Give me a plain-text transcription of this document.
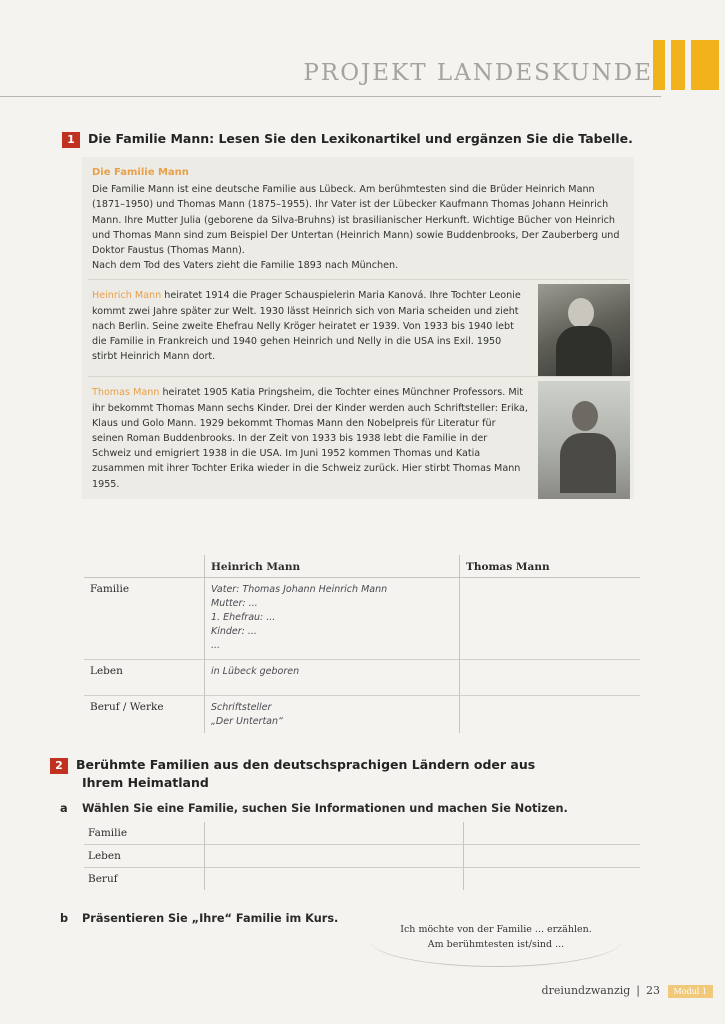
PROJEKT LANDESKUNDE
1 Die Familie Mann: Lesen Sie den Lexikonartikel und ergänzen Sie die Tabelle.
Die Familie Mann
Die Familie Mann ist eine deutsche Familie aus Lübeck. Am berühmtesten sind die Brüder Heinrich Mann (1871–1950) und Thomas Mann (1875–1955). Ihr Vater ist der Lübecker Kaufmann Thomas Johann Heinrich Mann. Ihre Mutter Julia (geborene da Silva-Bruhns) ist brasilianischer Herkunft. Wichtige Bücher von Heinrich und Thomas Mann sind zum Beispiel Der Untertan (Heinrich Mann) sowie Buddenbrooks, Der Zauberberg und Doktor Faustus (Thomas Mann).
Nach dem Tod des Vaters zieht die Familie 1893 nach München.
Heinrich Mann heiratet 1914 die Prager Schauspielerin Maria Kanová. Ihre Tochter Leonie kommt zwei Jahre später zur Welt. 1930 lässt Heinrich sich von Maria scheiden und zieht nach Berlin. Seine zweite Ehefrau Nelly Kröger heiratet er 1939. Von 1933 bis 1940 lebt die Familie in Frankreich und 1940 gehen Heinrich und Nelly in die USA ins Exil. 1950 stirbt Heinrich Mann dort.
Thomas Mann heiratet 1905 Katia Pringsheim, die Tochter eines Münchner Professors. Mit ihr bekommt Thomas Mann sechs Kinder. Drei der Kinder werden auch Schriftsteller: Erika, Klaus und Golo Mann. 1929 bekommt Thomas Mann den Nobelpreis für Literatur für seinen Roman Buddenbrooks. In der Zeit von 1933 bis 1938 lebt die Familie in der Schweiz und emigriert 1938 in die USA. Im Juni 1952 kommen Thomas und Katia zusammen mit ihrer Tochter Erika wieder in die Schweiz zurück. Hier stirbt Thomas Mann 1955.
	Heinrich Mann	Thomas Mann
Familie	Vater: Thomas Johann Heinrich Mann
Mutter: ...
1. Ehefrau: ...
Kinder: ...
...	

Leben	in Lübeck geboren	

Beruf / Werke	Schriftsteller
„Der Untertan“	

2 Berühmte Familien aus den deutschsprachigen Ländern oder aus
Ihrem Heimatland
a Wählen Sie eine Familie, suchen Sie Informationen und machen Sie Notizen.
Familie		
Leben		
Beruf		
b Präsentieren Sie „Ihre“ Familie im Kurs.
Ich möchte von der Familie ... erzählen.
Am berühmtesten ist/sind ...
dreiundzwanzig | 23 Modul 1
